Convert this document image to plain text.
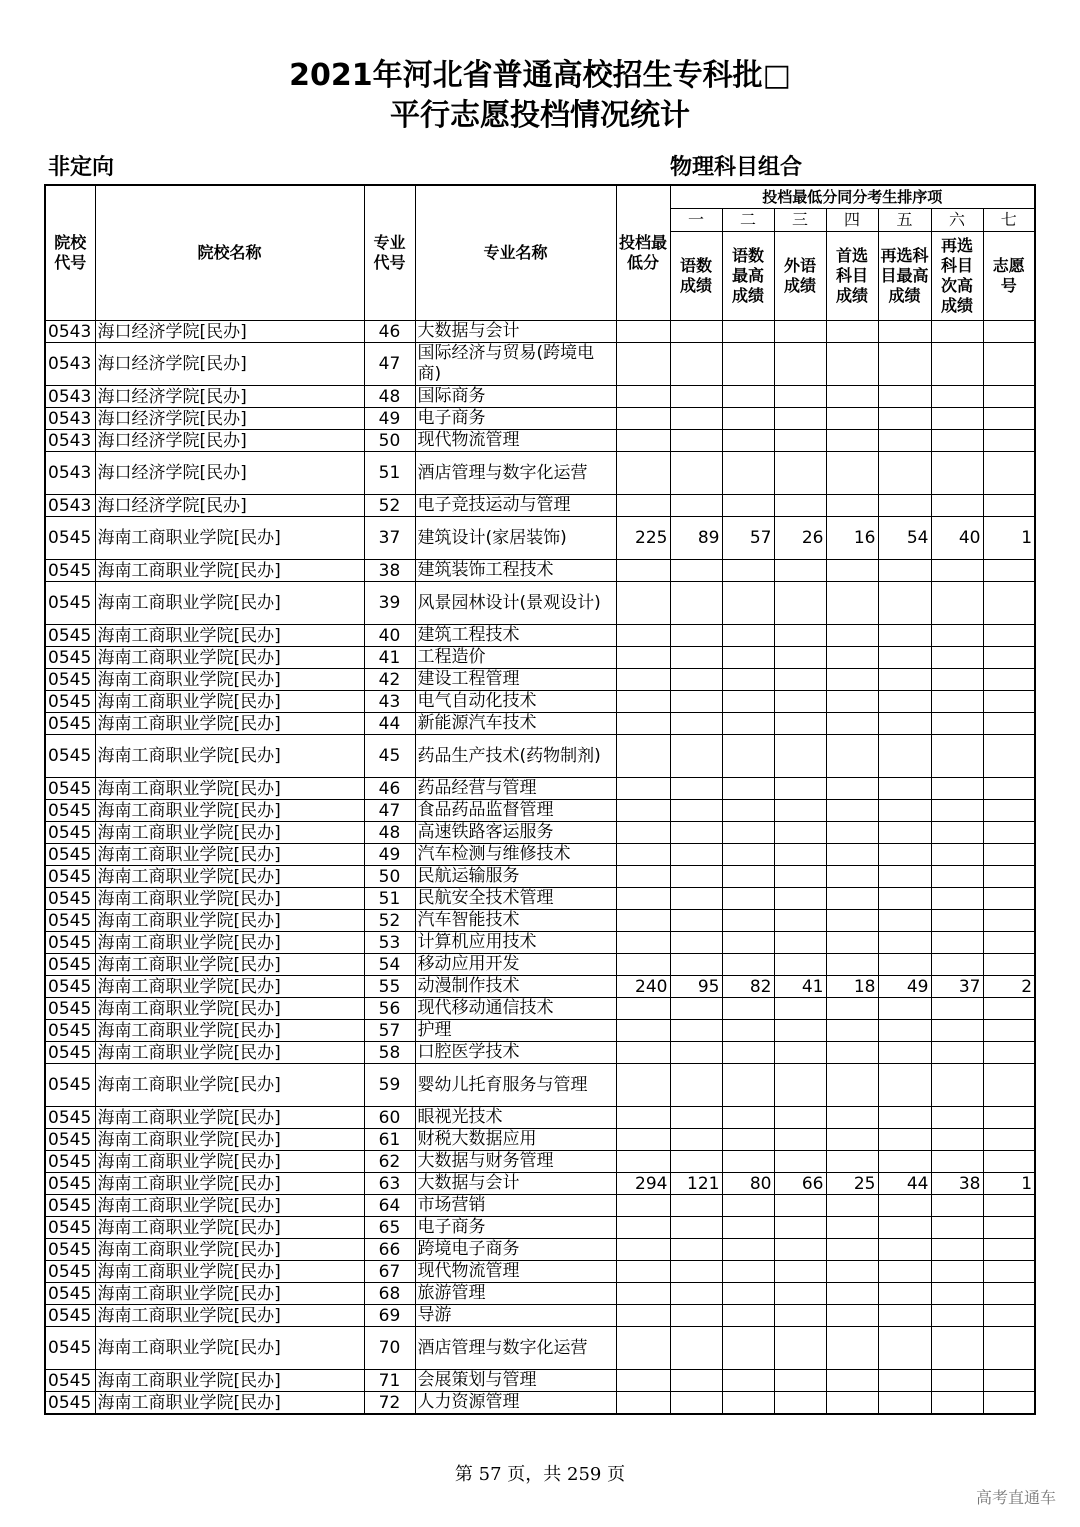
2021年河北省普通高校招生专科批□
平行志愿投档情况统计
非定向	物理科目组合
院校代号	院校名称	专业代号	专业名称	投档最低分	投档最低分同分考生排序项						
					一	二	三	四	五	六	七
					语数成绩	语数最高成绩	外语成绩	首选科目成绩	再选科目最高成绩	再选科目次高成绩	志愿号
0543	海口经济学院[民办]	46	大数据与会计								
0543	海口经济学院[民办]	47	国际经济与贸易(跨境电商)								
0543	海口经济学院[民办]	48	国际商务								
0543	海口经济学院[民办]	49	电子商务								
0543	海口经济学院[民办]	50	现代物流管理								
0543	海口经济学院[民办]	51	酒店管理与数字化运营								
0543	海口经济学院[民办]	52	电子竞技运动与管理								
0545	海南工商职业学院[民办]	37	建筑设计(家居装饰)	225	89	57	26	16	54	40	1
0545	海南工商职业学院[民办]	38	建筑装饰工程技术								
0545	海南工商职业学院[民办]	39	风景园林设计(景观设计)								
0545	海南工商职业学院[民办]	40	建筑工程技术								
0545	海南工商职业学院[民办]	41	工程造价								
0545	海南工商职业学院[民办]	42	建设工程管理								
0545	海南工商职业学院[民办]	43	电气自动化技术								
0545	海南工商职业学院[民办]	44	新能源汽车技术								
0545	海南工商职业学院[民办]	45	药品生产技术(药物制剂)								
0545	海南工商职业学院[民办]	46	药品经营与管理								
0545	海南工商职业学院[民办]	47	食品药品监督管理								
0545	海南工商职业学院[民办]	48	高速铁路客运服务								
0545	海南工商职业学院[民办]	49	汽车检测与维修技术								
0545	海南工商职业学院[民办]	50	民航运输服务								
0545	海南工商职业学院[民办]	51	民航安全技术管理								
0545	海南工商职业学院[民办]	52	汽车智能技术								
0545	海南工商职业学院[民办]	53	计算机应用技术								
0545	海南工商职业学院[民办]	54	移动应用开发								
0545	海南工商职业学院[民办]	55	动漫制作技术	240	95	82	41	18	49	37	2
0545	海南工商职业学院[民办]	56	现代移动通信技术								
0545	海南工商职业学院[民办]	57	护理								
0545	海南工商职业学院[民办]	58	口腔医学技术								
0545	海南工商职业学院[民办]	59	婴幼儿托育服务与管理								
0545	海南工商职业学院[民办]	60	眼视光技术								
0545	海南工商职业学院[民办]	61	财税大数据应用								
0545	海南工商职业学院[民办]	62	大数据与财务管理								
0545	海南工商职业学院[民办]	63	大数据与会计	294	121	80	66	25	44	38	1
0545	海南工商职业学院[民办]	64	市场营销								
0545	海南工商职业学院[民办]	65	电子商务								
0545	海南工商职业学院[民办]	66	跨境电子商务								
0545	海南工商职业学院[民办]	67	现代物流管理								
0545	海南工商职业学院[民办]	68	旅游管理								
0545	海南工商职业学院[民办]	69	导游								
0545	海南工商职业学院[民办]	70	酒店管理与数字化运营								
0545	海南工商职业学院[民办]	71	会展策划与管理								
0545	海南工商职业学院[民办]	72	人力资源管理								
第 57 页，共 259 页
高考直通车
